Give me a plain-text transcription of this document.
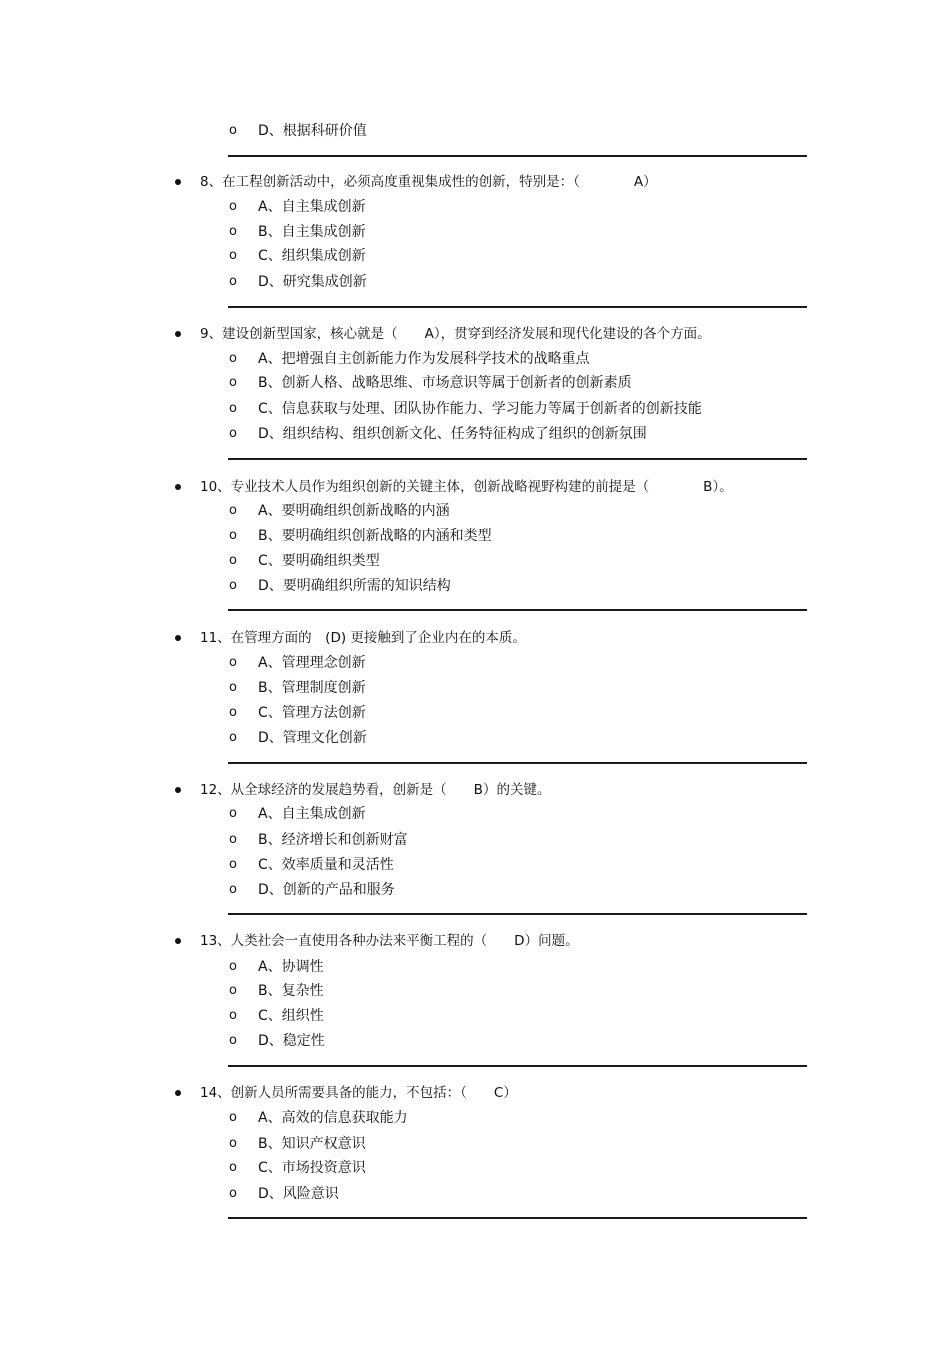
o D、根据科研价值
8、在工程创新活动中，必须高度重视集成性的创新，特别是：（　　　　A）
o A、自主集成创新
o B、自主集成创新
o C、组织集成创新
o D、研究集成创新
9、建设创新型国家，核心就是（　　A），贯穿到经济发展和现代化建设的各个方面。
o A、把增强自主创新能力作为发展科学技术的战略重点
o B、创新人格、战略思维、市场意识等属于创新者的创新素质
o C、信息获取与处理、团队协作能力、学习能力等属于创新者的创新技能
o D、组织结构、组织创新文化、任务特征构成了组织的创新氛围
10、专业技术人员作为组织创新的关键主体，创新战略视野构建的前提是（　　　　B）。
o A、要明确组织创新战略的内涵
o B、要明确组织创新战略的内涵和类型
o C、要明确组织类型
o D、要明确组织所需的知识结构
11、在管理方面的　(D) 更接触到了企业内在的本质。
o A、管理理念创新
o B、管理制度创新
o C、管理方法创新
o D、管理文化创新
12、从全球经济的发展趋势看，创新是（　　B）的关键。
o A、自主集成创新
o B、经济增长和创新财富
o C、效率质量和灵活性
o D、创新的产品和服务
13、人类社会一直使用各种办法来平衡工程的（　　D）问题。
o A、协调性
o B、复杂性
o C、组织性
o D、稳定性
14、创新人员所需要具备的能力，不包括：（　　C）
o A、高效的信息获取能力
o B、知识产权意识
o C、市场投资意识
o D、风险意识
